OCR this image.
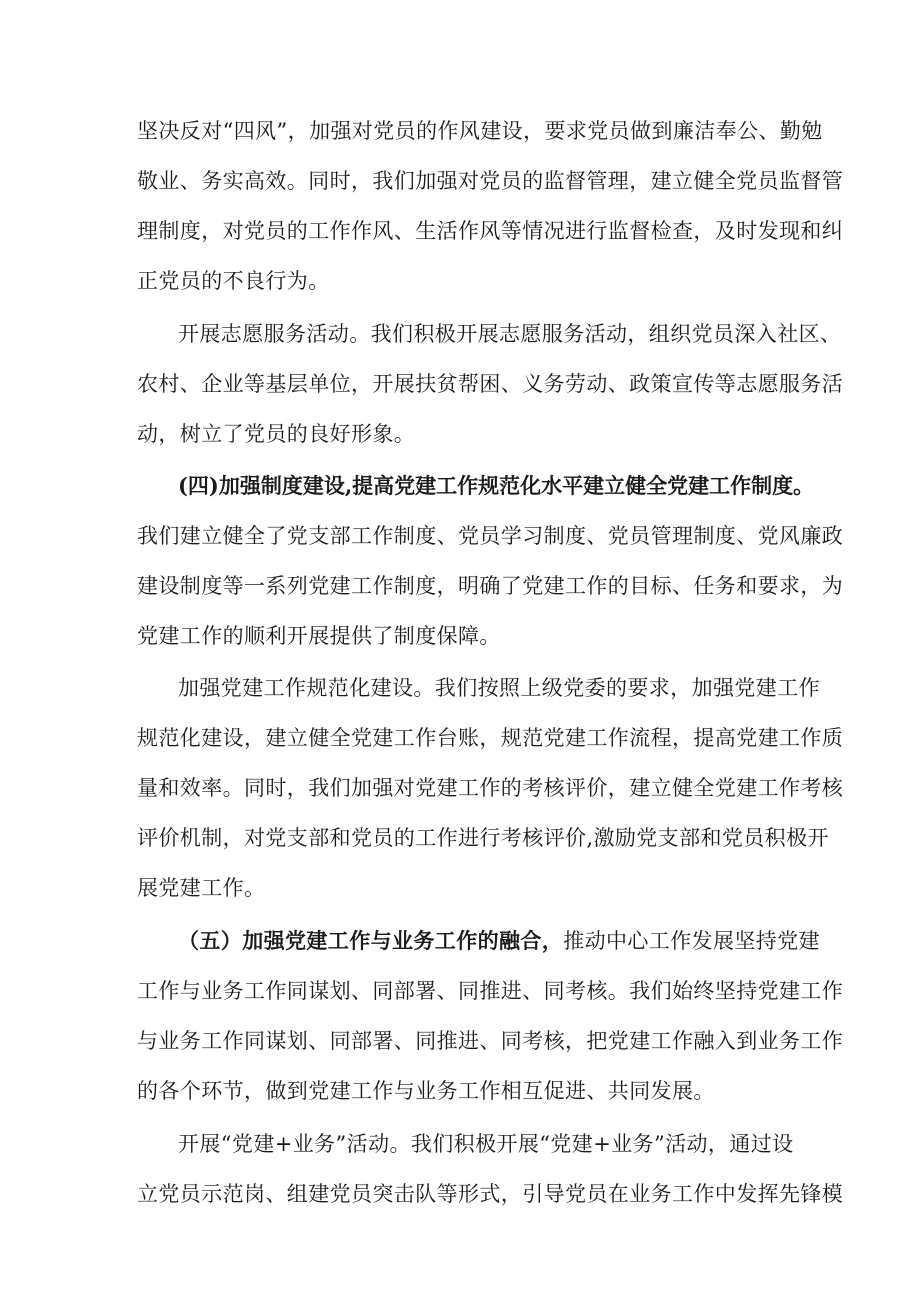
坚决反对“四风”，加强对党员的作风建设，要求党员做到廉洁奉公、勤勉
敬业、务实高效。同时，我们加强对党员的监督管理，建立健全党员监督管
理制度，对党员的工作作风、生活作风等情况进行监督检查，及时发现和纠
正党员的不良行为。
开展志愿服务活动。我们积极开展志愿服务活动，组织党员深入社区、
农村、企业等基层单位，开展扶贫帮困、义务劳动、政策宣传等志愿服务活
动，树立了党员的良好形象。
(四)加强制度建设,提高党建工作规范化水平建立健全党建工作制度。
我们建立健全了党支部工作制度、党员学习制度、党员管理制度、党风廉政
建设制度等一系列党建工作制度，明确了党建工作的目标、任务和要求，为
党建工作的顺利开展提供了制度保障。
加强党建工作规范化建设。我们按照上级党委的要求，加强党建工作
规范化建设，建立健全党建工作台账，规范党建工作流程，提高党建工作质
量和效率。同时，我们加强对党建工作的考核评价，建立健全党建工作考核
评价机制，对党支部和党员的工作进行考核评价,激励党支部和党员积极开
展党建工作。
（五）加强党建工作与业务工作的融合，推动中心工作发展坚持党建
工作与业务工作同谋划、同部署、同推进、同考核。我们始终坚持党建工作
与业务工作同谋划、同部署、同推进、同考核，把党建工作融入到业务工作
的各个环节，做到党建工作与业务工作相互促进、共同发展。
开展“党建+业务”活动。我们积极开展“党建+业务”活动，通过设
立党员示范岗、组建党员突击队等形式，引导党员在业务工作中发挥先锋模
